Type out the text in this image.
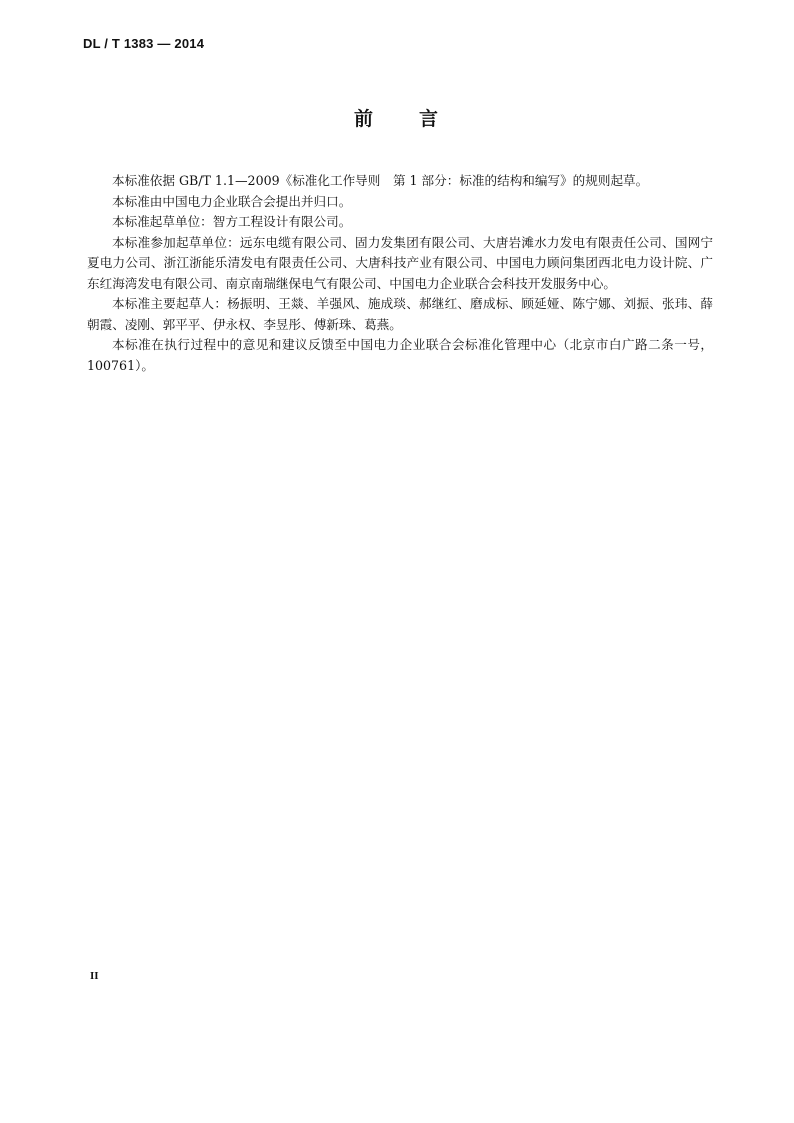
DL / T 1383 — 2014
前 言

本标准依据 GB/T 1.1—2009《标准化工作导则　第 1 部分：标准的结构和编写》的规则起草。

本标准由中国电力企业联合会提出并归口。

本标准起草单位：智方工程设计有限公司。

本标准参加起草单位：远东电缆有限公司、固力发集团有限公司、大唐岩滩水力发电有限责任公司、国网宁夏电力公司、浙江浙能乐清发电有限责任公司、大唐科技产业有限公司、中国电力顾问集团西北电力设计院、广东红海湾发电有限公司、南京南瑞继保电气有限公司、中国电力企业联合会科技开发服务中心。

本标准主要起草人：杨振明、王燚、羊强风、施成琰、郝继红、磨成标、顾延娅、陈宁娜、刘振、张玮、薛朝霞、凌刚、郭平平、伊永权、李昱彤、傅新珠、葛燕。

本标准在执行过程中的意见和建议反馈至中国电力企业联合会标准化管理中心（北京市白广路二条一号，100761）。

II
